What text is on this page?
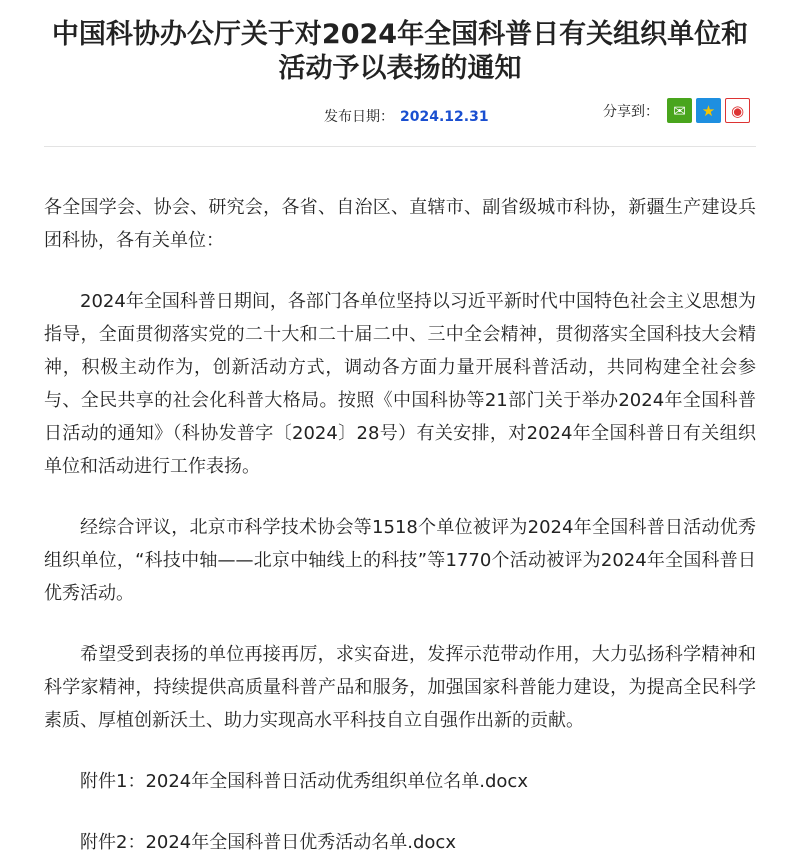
中国科协办公厅关于对2024年全国科普日有关组织单位和活动予以表扬的通知
发布日期： 2024.12.31	分享到： ✉	★	◉

各全国学会、协会、研究会，各省、自治区、直辖市、副省级城市科协，新疆生产建设兵团科协，各有关单位：

2024年全国科普日期间，各部门各单位坚持以习近平新时代中国特色社会主义思想为指导，全面贯彻落实党的二十大和二十届二中、三中全会精神，贯彻落实全国科技大会精神，积极主动作为，创新活动方式，调动各方面力量开展科普活动，共同构建全社会参与、全民共享的社会化科普大格局。按照《中国科协等21部门关于举办2024年全国科普日活动的通知》（科协发普字〔2024〕28号）有关安排，对2024年全国科普日有关组织单位和活动进行工作表扬。

经综合评议，北京市科学技术协会等1518个单位被评为2024年全国科普日活动优秀组织单位，“科技中轴——北京中轴线上的科技”等1770个活动被评为2024年全国科普日优秀活动。

希望受到表扬的单位再接再厉，求实奋进，发挥示范带动作用，大力弘扬科学精神和科学家精神，持续提供高质量科普产品和服务，加强国家科普能力建设，为提高全民科学素质、厚植创新沃土、助力实现高水平科技自立自强作出新的贡献。

附件1：2024年全国科普日活动优秀组织单位名单.docx

附件2：2024年全国科普日优秀活动名单.docx
